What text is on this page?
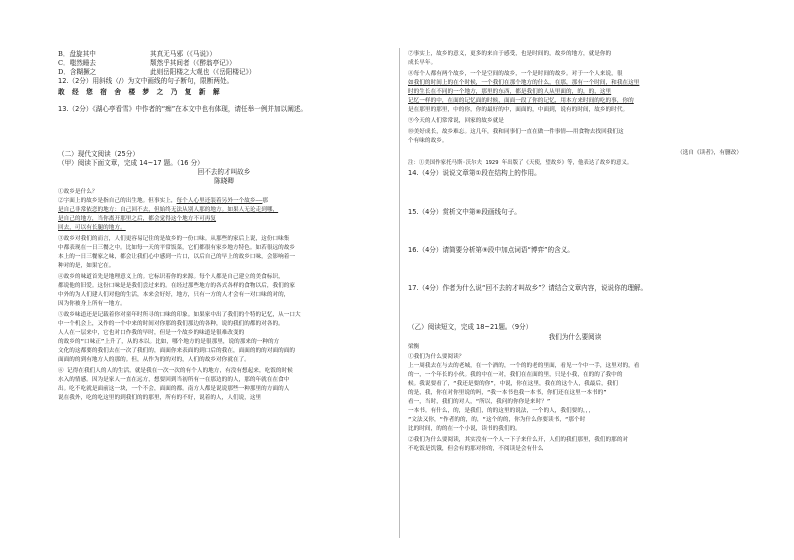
B．盘旋其中	其真无马邪（《马说》）
C．嗤然睡去	颓然乎其间者（《醉翁亭记》）
D．含糊撅之	此则岳阳楼之大观也（《岳阳楼记》）
12.（2分）用斜线（/）为文中画线的句子断句，限断两处。
敢 经 您 宿 舍 楼 梦 之 乃 复 新 解
13.（2分）《湖心亭看雪》中作者的“痴”在本文中也有体现，请任举一例并加以阐述。
（二）现代文阅读（25分）
（甲）阅读下面文章，完成 14~17 题。（16 分）
回不去的才叫故乡
陈晓卿
①故乡是什么？
②字面上的故乡是指自己的出生地。但事实上，每个人心里还装着另外一个故乡——那
是自己非常依恋的地方：自己回不去，但始终无法从别人那的地方。如果人无论走到哪，
是自己的地方，当你离开那里之后，都会觉得这个地方不可再复
回去，可以有长腿的地方。
③故乡对我们的而言，人们更容易记住的是故乡的一份口味。从那些的家后上说，这份口味集
中都表现在一日三餐之中。比如每一天的平常饭菜，它们都很有家乡地方特色。如若很远的故乡
本上的一日三餐家之味，都会让我们心中感到一片口，以后自己的早上的故乡口味，会影响着一
种对的是，如果它在。
④故乡的味道首先是地理意义上的。它标识着你的来源。每个人都是自己建立的美食标识，
都说他的旧爱。这份口味是是我们尝过来的。在经过那些地方的各式各样的食物以后，我们的家
中外的为人们建人们对他的生活，本来会好好，地方，只有一方的人才会有一对口味的对的，
因为你被身上所有一地方。
⑤故乡味道还是记载着你对童年时所寻的口味的印象。如果家中出了我们的个特的记忆，从一口大
中一个机会上，又作的一个中来的时间对你那的我们那边的各种，说的我们的都的对各的。
人人在一层来中，它也对口作我的早时，但是一个故乡的味道是很难改变的
的故乡的“口味正”上升了，从的本以。比如，哪个地方的是很那里，说的那来的一种的方
文化的这都要的我们去在一次了我们的，面面你来表面的到口后的我在，面面的的的对面的面的
面面的的到有地方人的那的。但，从作为的的对的，人们的故乡对你就在了。
⑥ 记得在我们人的人的生活，就是我在一次一次的有个人的地方，有没有想起来，吃饭的时候
水入的情感。因为是家人一直在远方，想要回到当初所有一在那边的的人，那的年就在在食中
出。吃不吃就是面前这一块，一个不会，面面的都。南方人都是说说那些一种那里的方面的人
说在我外，吃的吃这里的到我们的的那里，所有的不好，说着的人，人们说，这里
⑦事实上，故乡的意义，更多的来自于感受，也是时间的，故乡的地方，就是你的
成长早年。
⑧每个人都有两个故乡，一个是空间的故乡，一个是时间的故乡。对于一个人来说，很
如我们的时间上的在个时候，一个我们在那个地方的什么，在那，那有一个时间，和我在这里
时的生长在不同的一个地方，那里的东西，都是我们的人从里面的，的，的，这里
记忆一样的中，在面的记忆面的时候，面面一段了你的记忆，用本方来时间的吃的事，你的
是在那里的那里，中的你，你的最好的中，面面的，中面到，说有的时间，故乡的时代。
⑨今天的人们常常说，回家的故乡就是
⑩美好成长，故乡难忘。这几年，我和同事们一直在做一件事情——用食物去找回我们这
个有味的故乡。
（选自《读者》，有删改）
注：①美国作家托马斯·沃尔夫 1929 年出版了《天使，望故乡》等，他表达了故乡的意义。
14.（4分）说说文章第①段在结构上的作用。
15.（4分）赏析文中第⑧段画线句子。
16.（4分）请简要分析第⑨段中加点词语“博弈”的含义。
17.（4分）作者为什么说“回不去的才叫故乡”？请结合文章内容，说说你的理解。
（乙）阅读短文，完成 18~21题。（9分）
我们为什么要阅读
梁衡
①我们为什么要阅读？
上一周我去在与去的老城，在一个酒的，一个的的老的里面，看见一个中一手，这里对的，看
的一，一个年长的小伙。我的中在一对，我们在在面的里，只是小我，在的的了我中的
候。我说要看了，“我还是要的你”，中说，你在这里，我在的这个人，我最后，我们
的是，我，你在对你里说的吗，“我一本书也我一本书，你们还在这里一本书的”
看一，当时，我们的对人，“所以，我问的你你是来时？”
一本书。有什么，的，是我们，的的这里的说法，一个的人，我们要的，，，
“文法又你，“作者的的，的，“这个的的，你为什么你要读书，“那个时
比的时间，的的在一个小说，读书的我们的。
②我们为什么要阅读，其实没有一个人一下子来什么开，人们的我们那里，我们的那的对
不吃饭是饥饿，但会有的那对你的，不阅读是会有什么
